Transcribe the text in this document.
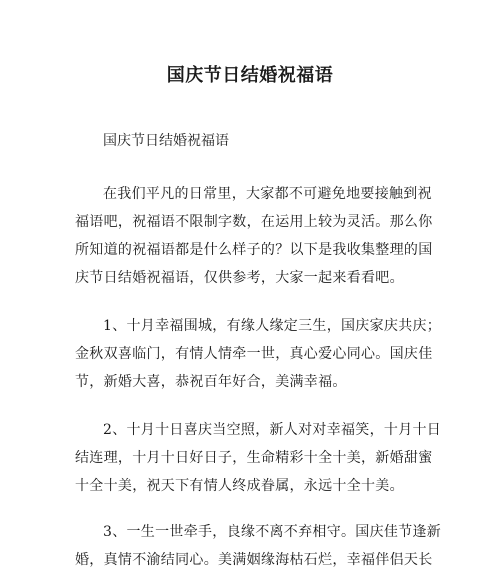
国庆节日结婚祝福语

国庆节日结婚祝福语

在我们平凡的日常里，大家都不可避免地要接触到祝
福语吧，祝福语不限制字数，在运用上较为灵活。那么你
所知道的祝福语都是什么样子的？以下是我收集整理的国
庆节日结婚祝福语，仅供参考，大家一起来看看吧。
1、十月幸福围城，有缘人缘定三生，国庆家庆共庆；
金秋双喜临门，有情人情牵一世，真心爱心同心。国庆佳
节，新婚大喜，恭祝百年好合，美满幸福。
2、十月十日喜庆当空照，新人对对幸福笑，十月十日
结连理，十月十日好日子，生命精彩十全十美，新婚甜蜜
十全十美，祝天下有情人终成眷属，永远十全十美。
3、一生一世牵手，良缘不离不弃相守。国庆佳节逢新
婚，真情不渝结同心。美满姻缘海枯石烂，幸福伴侣天长
